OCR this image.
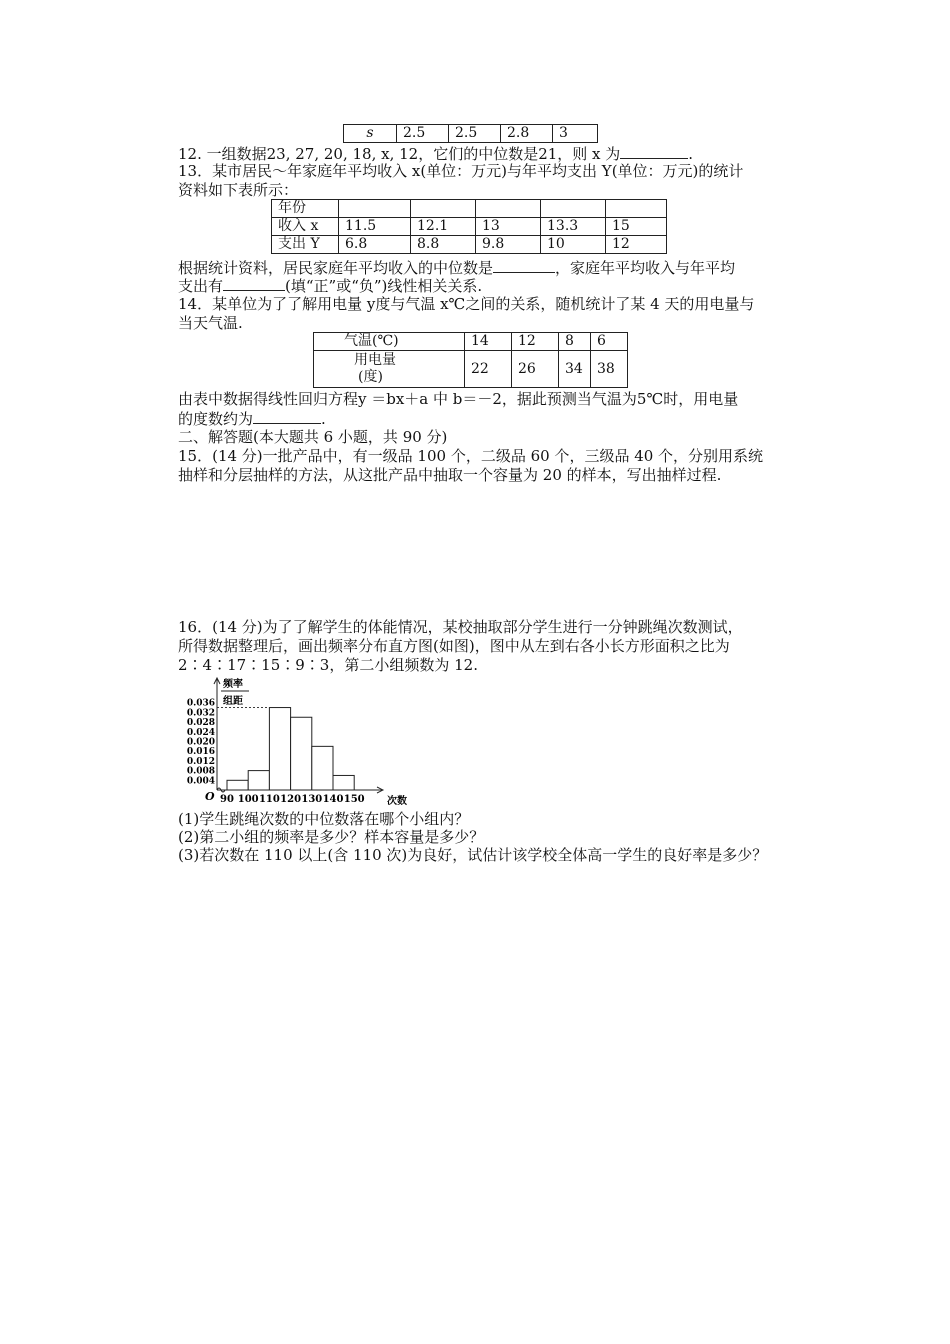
s	2.5	2.5	2.8	3
12. 一组数据23, 27, 20, 18, x, 12，它们的中位数是21，则 x 为	.
13．某市居民～年家庭年平均收入 x(单位：万元)与年平均支出 Y(单位：万元)的统计
资料如下表所示：
年份					
收入 x	11.5	12.1	13	13.3	15
支出 Y	6.8	8.8	9.8	10	12
根据统计资料，居民家庭年平均收入的中位数是	，家庭年平均收入与年平均
支出有	(填“正”或“负”)线性相关关系.
14．某单位为了了解用电量 y度与气温 x℃之间的关系，随机统计了某 4 天的用电量与
当天气温.
气温(℃)	14	12	8	6

用电量
(度)	22	26	34	38
由表中数据得线性回归方程y ＝bx＋a 中 b＝－2，据此预测当气温为5℃时，用电量
的度数约为	.
二、解答题(本大题共 6 小题，共 90 分)
15．(14 分)一批产品中，有一级品 100 个，二级品 60 个，三级品 40 个，分别用系统
抽样和分层抽样的方法，从这批产品中抽取一个容量为 20 的样本，写出抽样过程.
16．(14 分)为了了解学生的体能情况，某校抽取部分学生进行一分钟跳绳次数测试，
所得数据整理后，画出频率分布直方图(如图)，图中从左到右各小长方形面积之比为
2∶4∶17∶15∶9∶3，第二小组频数为 12.
频率
组距
0.004
0.008
0.012
0.016
0.020
0.024
0.028
0.032
0.036
90 100 110 120 130 140 150 次数
O
(1)学生跳绳次数的中位数落在哪个小组内？
(2)第二小组的频率是多少？样本容量是多少？
(3)若次数在 110 以上(含 110 次)为良好，试估计该学校全体高一学生的良好率是多少？
